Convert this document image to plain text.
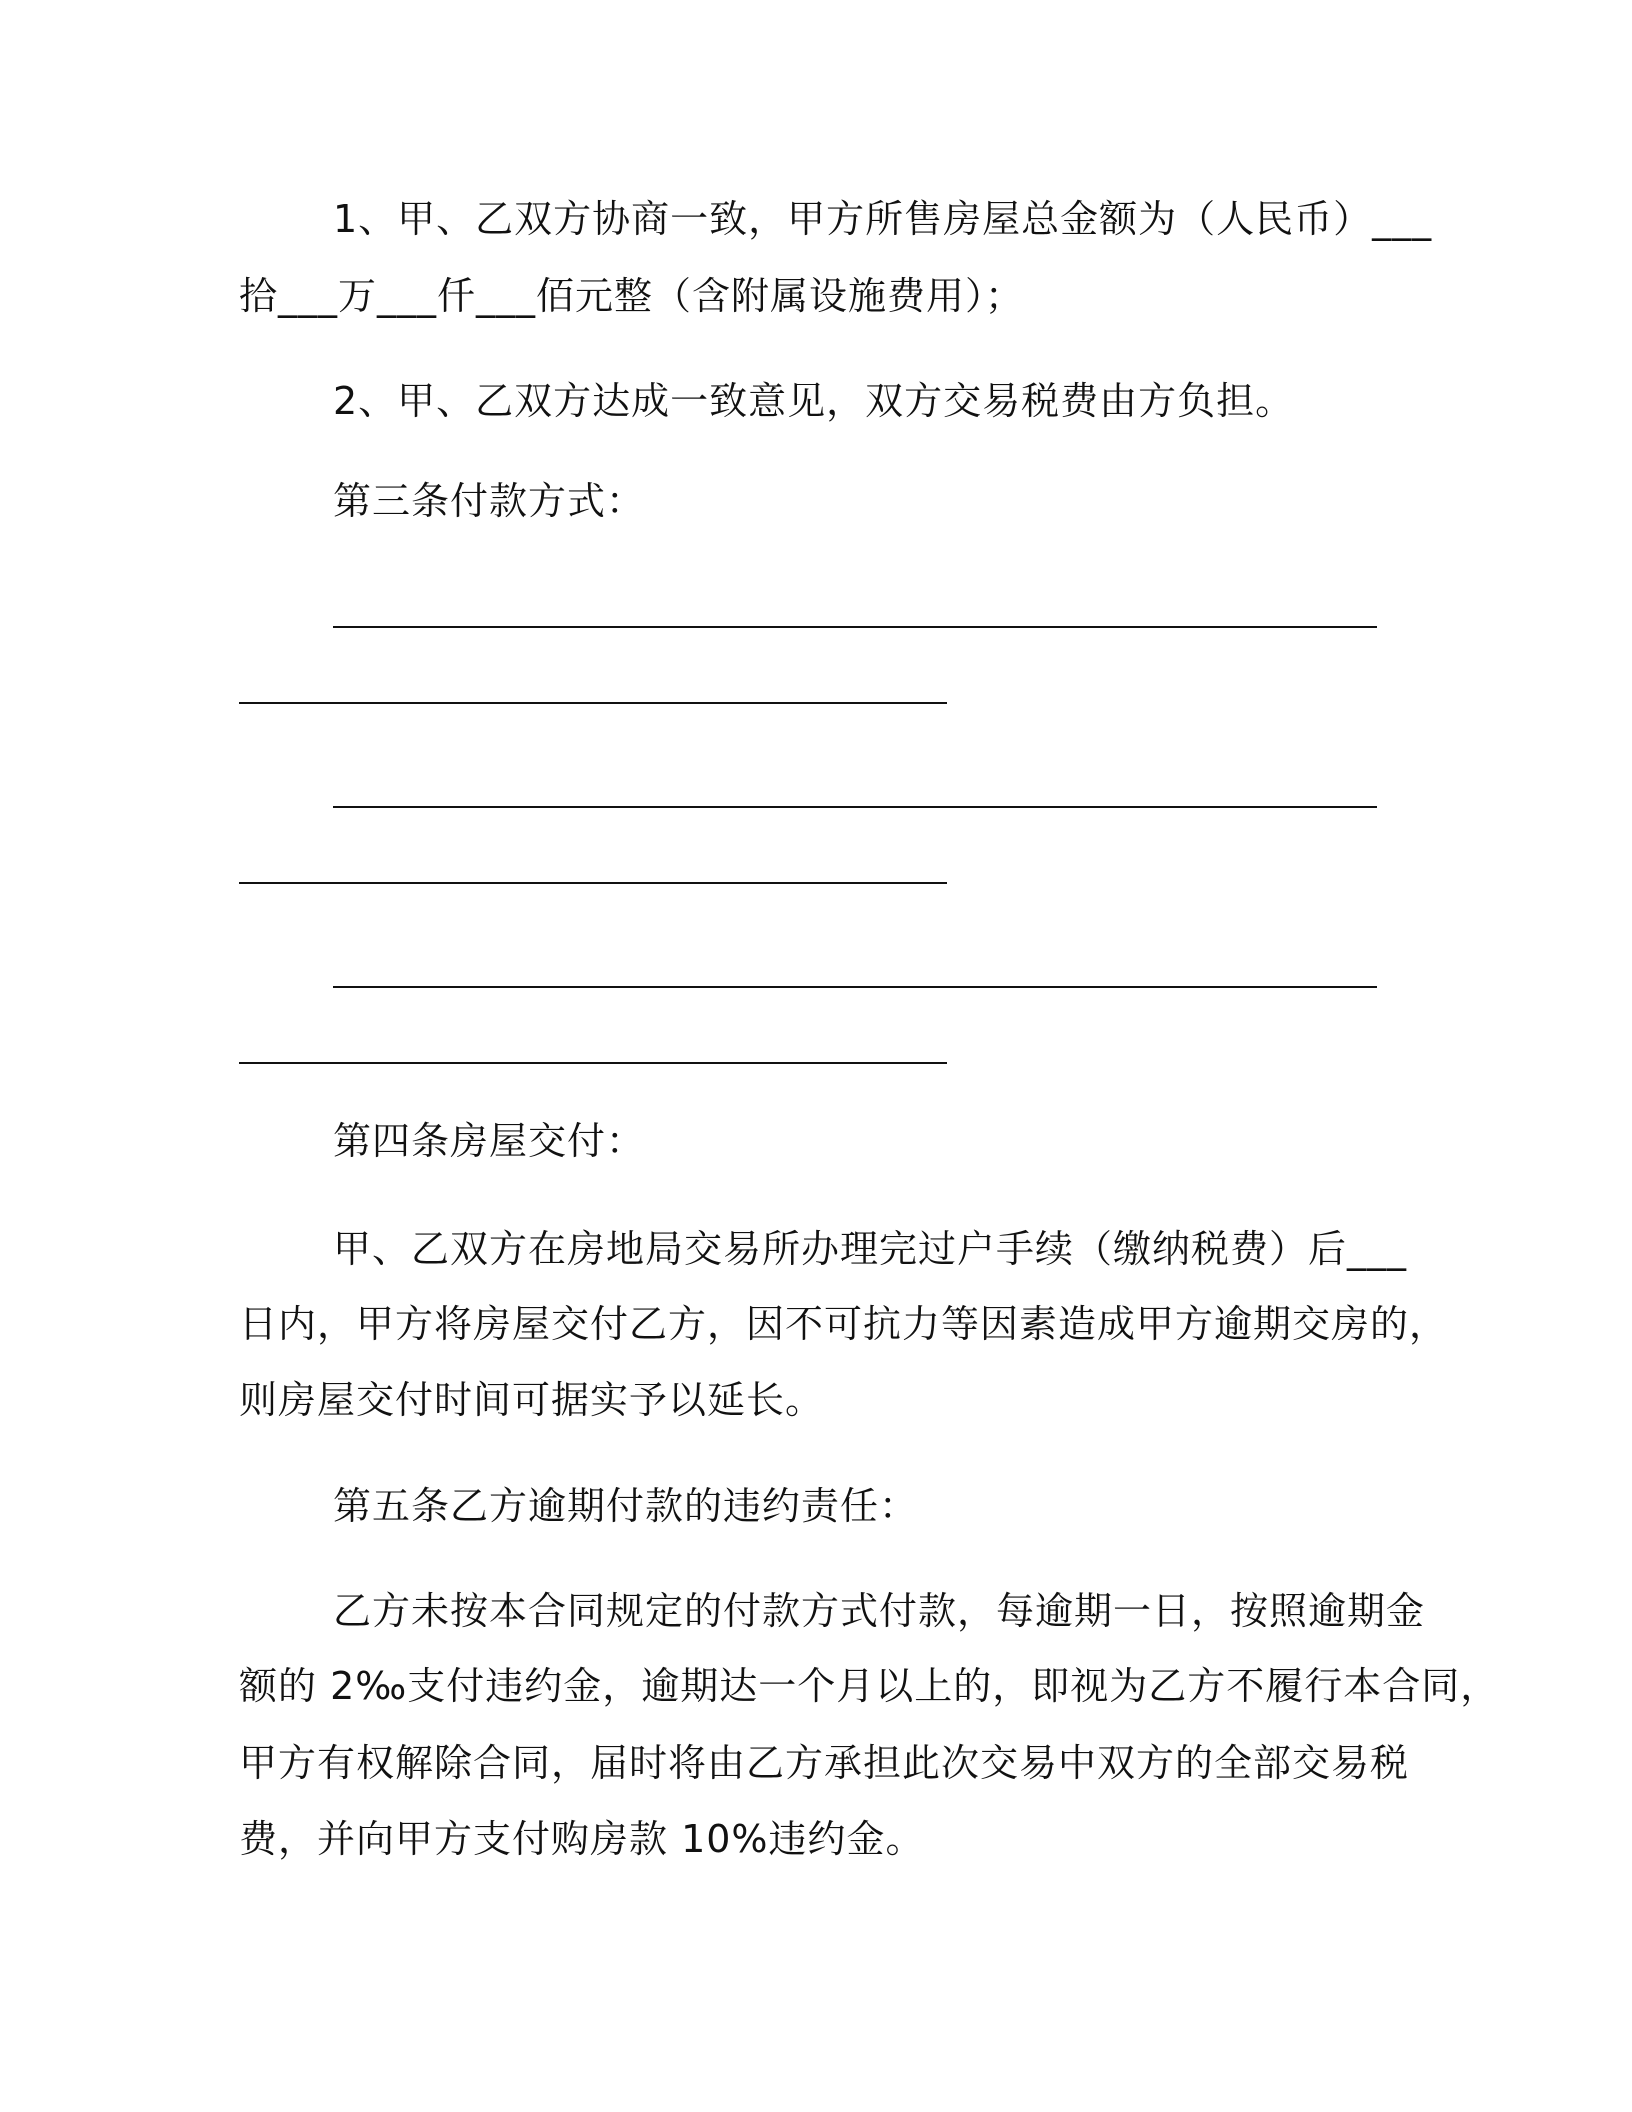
1、甲、乙双方协商一致，甲方所售房屋总金额为（人民币）___
拾___万___仟___佰元整（含附属设施费用）；
2、甲、乙双方达成一致意见，双方交易税费由方负担。
第三条付款方式：
第四条房屋交付：
甲、乙双方在房地局交易所办理完过户手续（缴纳税费）后___
日内，甲方将房屋交付乙方，因不可抗力等因素造成甲方逾期交房的，
则房屋交付时间可据实予以延长。
第五条乙方逾期付款的违约责任：
乙方未按本合同规定的付款方式付款，每逾期一日，按照逾期金
额的 2‰支付违约金，逾期达一个月以上的，即视为乙方不履行本合同，
甲方有权解除合同，届时将由乙方承担此次交易中双方的全部交易税
费，并向甲方支付购房款 10%违约金。
